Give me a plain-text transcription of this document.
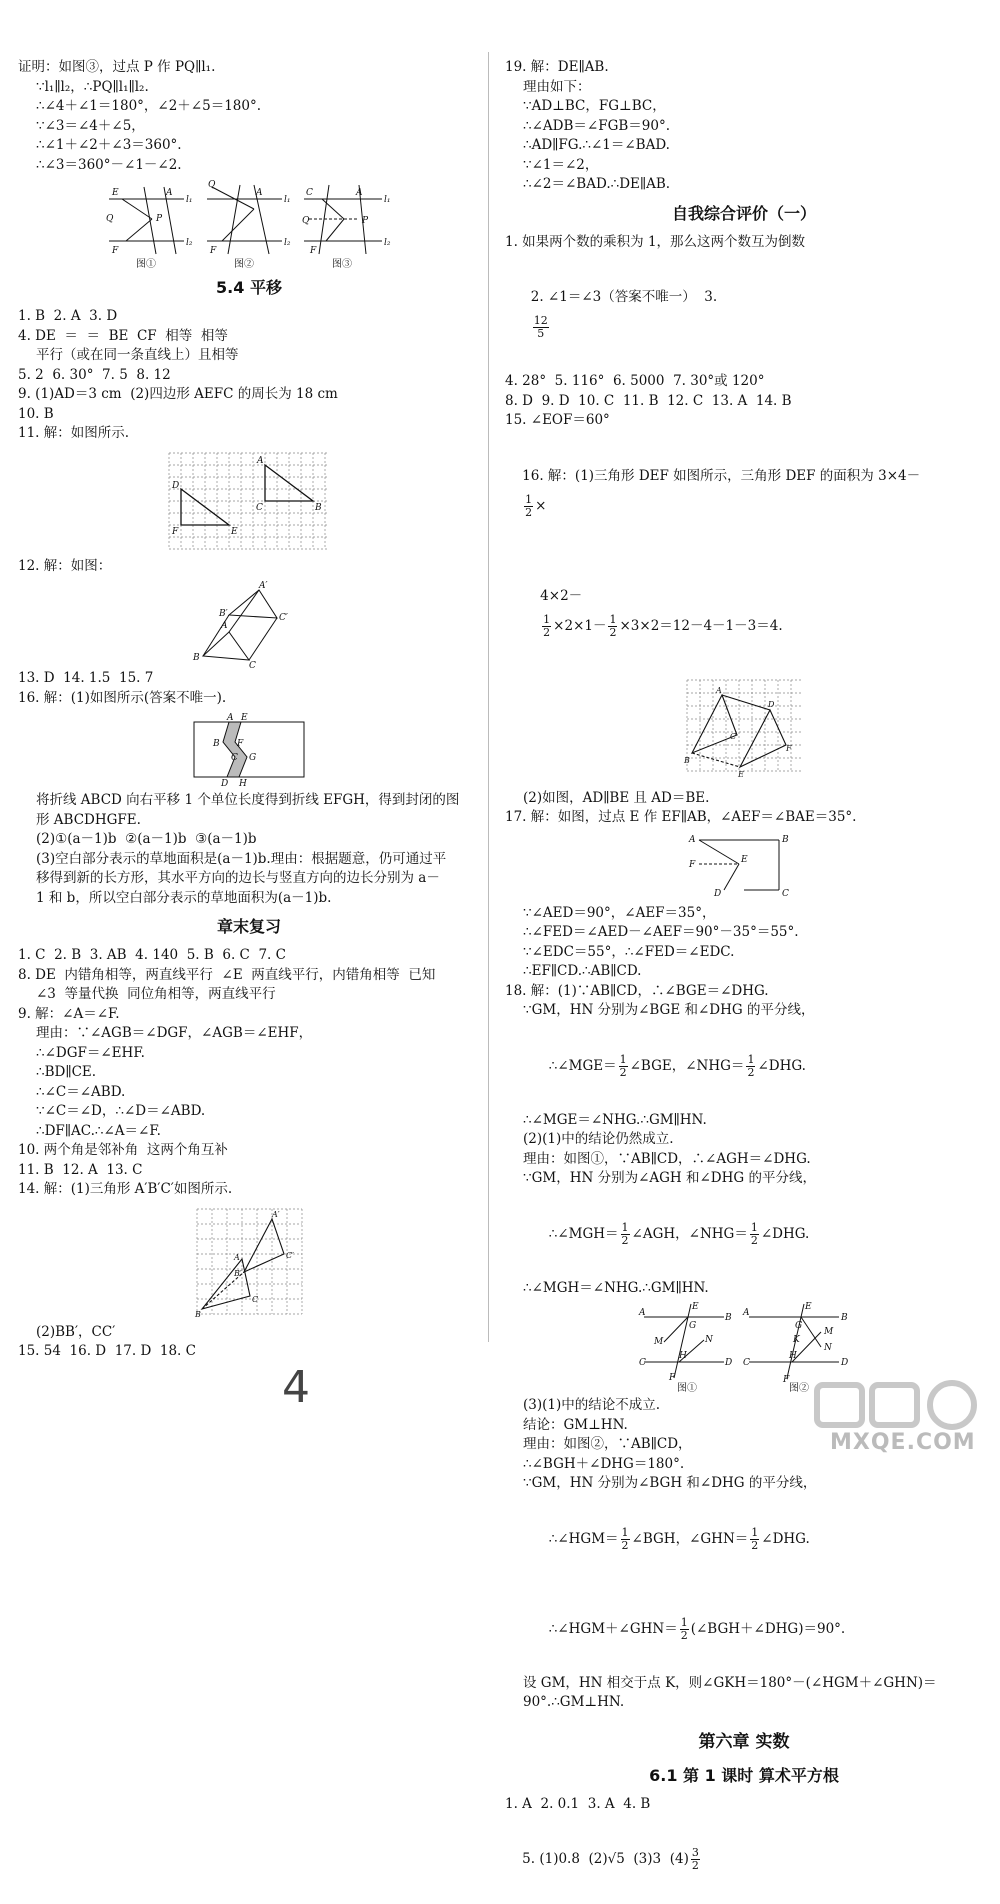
证明：如图③，过点 P 作 PQ∥l₁.
∵l₁∥l₂，∴PQ∥l₁∥l₂.
∴∠4＋∠1＝180°，∠2＋∠5＝180°.
∵∠3＝∠4＋∠5，
∴∠1＋∠2＋∠3＝360°.
∴∠3＝360°－∠1－∠2.
E	A
l₁
Q	P
F
l₂
Q
A
l₁
F
l₂
C	A
l₁
Q	P
F
l₂
图①	图②	图③
5.4 平移
1. B  2. A  3. D
4. DE  ＝  ＝  BE  CF  相等  相等
平行（或在同一条直线上）且相等
5. 2  6. 30°  7. 5  8. 12
9. (1)AD＝3 cm  (2)四边形 AEFC 的周长为 18 cm
10. B
11. 解：如图所示.
A
C	B
D
F	E
12. 解：如图：
B
C
A
B′
A′
C′
13. D  14. 1.5  15. 7
16. 解：(1)如图所示(答案不唯一).
A E
B F
G
D H
C
将折线 ABCD 向右平移 1 个单位长度得到折线 EFGH，得到封闭的图
形 ABCDHGFE.
(2)①(a－1)b  ②(a－1)b  ③(a－1)b
(3)空白部分表示的草地面积是(a－1)b.理由：根据题意，仍可通过平
移得到新的长方形，其水平方向的边长与竖直方向的边长分别为 a－
1 和 b，所以空白部分表示的草地面积为(a－1)b.
章末复习
1. C  2. B  3. AB  4. 140  5. B  6. C  7. C
8. DE  内错角相等，两直线平行  ∠E  两直线平行，内错角相等  已知
∠3  等量代换  同位角相等，两直线平行
9. 解：∠A＝∠F.
理由：∵∠AGB＝∠DGF，∠AGB＝∠EHF，
∴∠DGF＝∠EHF.
∴BD∥CE.
∴∠C＝∠ABD.
∵∠C＝∠D，∴∠D＝∠ABD.
∴DF∥AC.∴∠A＝∠F.
10. 两个角是邻补角  这两个角互补
11. B  12. A  13. C
14. 解：(1)三角形 A′B′C′如图所示.
B
C
A
B′
C′
A′
(2)BB′，CC′
15. 54  16. D  17. D  18. C
19. 解：DE∥AB.
理由如下：
∵AD⊥BC，FG⊥BC，
∴∠ADB＝∠FGB＝90°.
∴AD∥FG.∴∠1＝∠BAD.
∵∠1＝∠2，
∴∠2＝∠BAD.∴DE∥AB.
自我综合评价（一）
1. 如果两个数的乘积为 1，那么这两个数互为倒数

2. ∠1＝∠3（答案不唯一）  3.

$\frac{12}{5}$

4. 28°  5. 116°  6. 5000  7. 30°或 120°
8. D  9. D  10. C  11. B  12. C  13. A  14. B
15. ∠EOF＝60°

16. 解：(1)三角形 DEF 如图所示，三角形 DEF 的面积为 3×4－

$\frac{1}{2}$ ×

4×2－

$\frac{1}{2} \times 2\times 1- \frac{1}{2} \times 3\times 2=12-4-1-3=4$.

B
A
E
F
D
C
(2)如图，AD∥BE 且 AD＝BE.
17. 解：如图，过点 E 作 EF∥AB，∠AEF＝∠BAE＝35°.
A	B
F	E
D	C
∵∠AED＝90°，∠AEF＝35°，
∴∠FED＝∠AED－∠AEF＝90°－35°＝55°.
∵∠EDC＝55°，∴∠FED＝∠EDC.
∴EF∥CD.∴AB∥CD.
18. 解：(1)∵AB∥CD，∴∠BGE＝∠DHG.
∵GM，HN 分别为∠BGE 和∠DHG 的平分线，

∴∠MGE＝ $\frac{1}{2}$ ∠BGE，∠NHG＝ $\frac{1}{2}$ ∠DHG.

∴∠MGE＝∠NHG.∴GM∥HN.
(2)(1)中的结论仍然成立.
理由：如图①，∵AB∥CD，∴∠AGH＝∠DHG.
∵GM，HN 分别为∠AGH 和∠DHG 的平分线，

∴∠MGH＝ $\frac{1}{2}$ ∠AGH，∠NHG＝ $\frac{1}{2}$ ∠DHG.

∴∠MGH＝∠NHG.∴GM∥HN.
A	B
E
G
M	N
H
C	D
F
A	B
E
G
M
N
K
H
C	D
F
图①	图②
(3)(1)中的结论不成立.
结论：GM⊥HN.
理由：如图②，∵AB∥CD，
∴∠BGH＋∠DHG＝180°.
∵GM，HN 分别为∠BGH 和∠DHG 的平分线，

∴∠HGM＝ $\frac{1}{2}$ ∠BGH，∠GHN＝ $\frac{1}{2}$ ∠DHG.

∴∠HGM＋∠GHN＝ $\frac{1}{2}$ (∠BGH＋∠DHG)＝90°.

设 GM，HN 相交于点 K，则∠GKH＝180°－(∠HGM＋∠GHN)＝
90°.∴GM⊥HN.
第六章 实数
6.1 第 1 课时 算术平方根
1. A  2. 0.1  3. A  4. B

5. (1)0.8  (2)√5  (3)3  $(4) \frac{3}{2}$

4
MXQE.COM
